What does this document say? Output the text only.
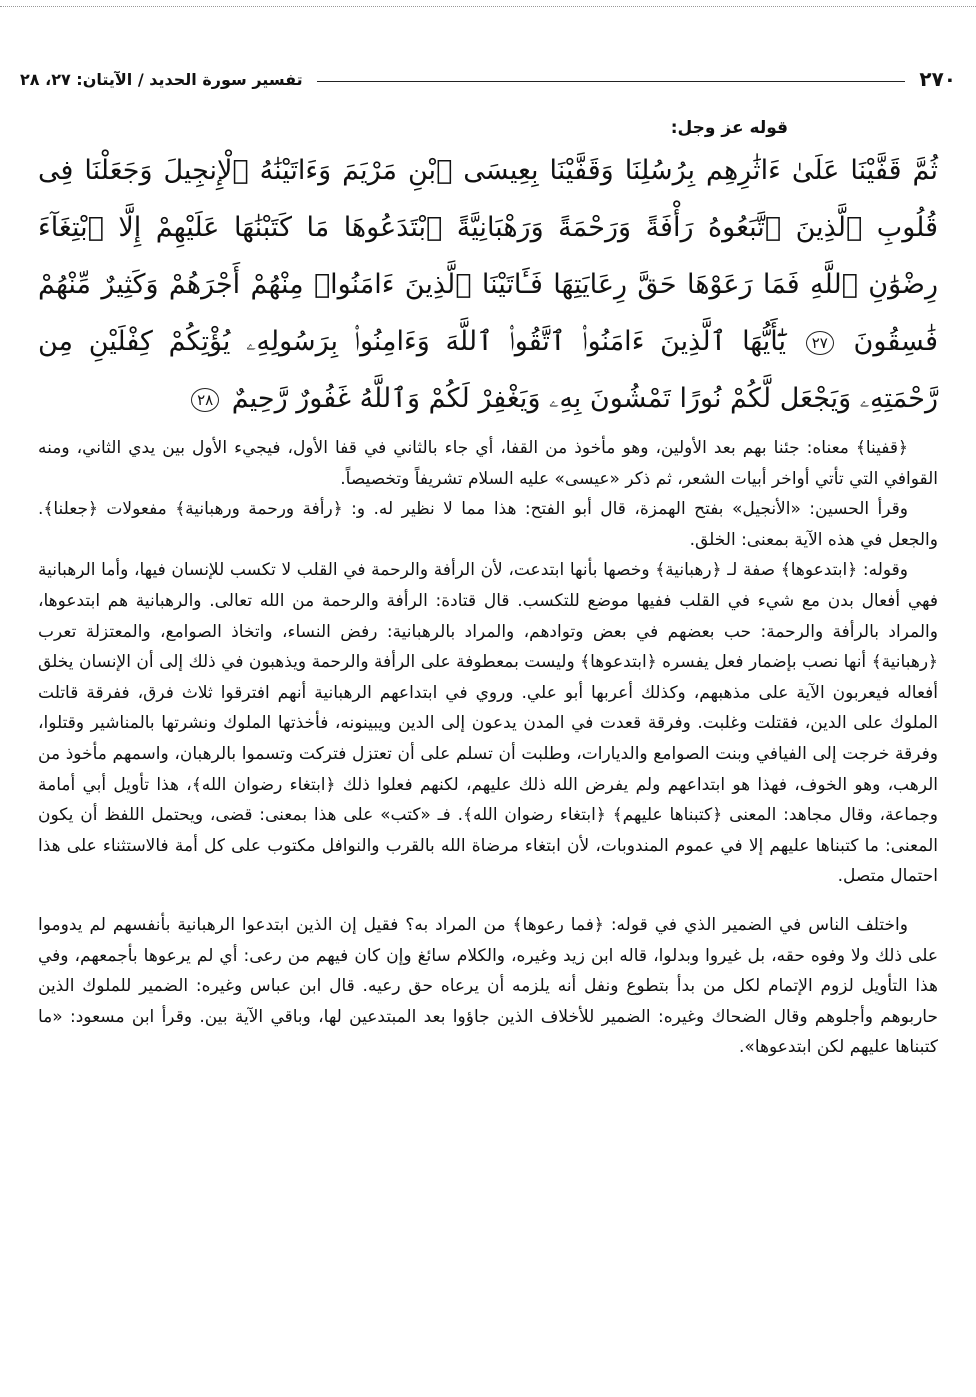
٢٧٠
تفسير سورة الحديد / الآيتان: ٢٧، ٢٨

قوله عز وجل:

ثُمَّ قَفَّيْنَا عَلَىٰ ءَاثَٰرِهِم بِرُسُلِنَا وَقَفَّيْنَا بِعِيسَى ٱبْنِ مَرْيَمَ وَءَاتَيْنَٰهُ ٱلْإِنجِيلَ وَجَعَلْنَا فِى قُلُوبِ ٱلَّذِينَ ٱتَّبَعُوهُ رَأْفَةً وَرَحْمَةً وَرَهْبَانِيَّةً ٱبْتَدَعُوهَا مَا كَتَبْنَٰهَا عَلَيْهِمْ إِلَّا ٱبْتِغَآءَ رِضْوَٰنِ ٱللَّهِ فَمَا رَعَوْهَا حَقَّ رِعَايَتِهَا فَـَٔاتَيْنَا ٱلَّذِينَ ءَامَنُوا۟ مِنْهُمْ أَجْرَهُمْ وَكَثِيرٌ مِّنْهُمْ فَٰسِقُونَ ٢٧ يَٰٓأَيُّهَا ٱلَّذِينَ ءَامَنُوا۟ ٱتَّقُوا۟ ٱللَّهَ وَءَامِنُوا۟ بِرَسُولِهِۦ يُؤْتِكُمْ كِفْلَيْنِ مِن رَّحْمَتِهِۦ وَيَجْعَل لَّكُمْ نُورًا تَمْشُونَ بِهِۦ وَيَغْفِرْ لَكُمْ وَٱللَّهُ غَفُورٌ رَّحِيمٌ ٢٨

﴿قفينا﴾ معناه: جئنا بهم بعد الأولين، وهو مأخوذ من القفا، أي جاء بالثاني في قفا الأول، فيجيء الأول بين يدي الثاني، ومنه القوافي التي تأتي أواخر أبيات الشعر، ثم ذكر «عيسى» عليه السلام تشريفاً وتخصيصاً.

وقرأ الحسين: «الأنجيل» بفتح الهمزة، قال أبو الفتح: هذا مما لا نظير له. و: ﴿رأفة ورحمة ورهبانية﴾ مفعولات ﴿جعلنا﴾. والجعل في هذه الآية بمعنى: الخلق.

وقوله: ﴿ابتدعوها﴾ صفة لـ ﴿رهبانية﴾ وخصها بأنها ابتدعت، لأن الرأفة والرحمة في القلب لا تكسب للإنسان فيها، وأما الرهبانية فهي أفعال بدن مع شيء في القلب ففيها موضع للتكسب. قال قتادة: الرأفة والرحمة من الله تعالى. والرهبانية هم ابتدعوها، والمراد بالرأفة والرحمة: حب بعضهم في بعض وتوادهم، والمراد بالرهبانية: رفض النساء، واتخاذ الصوامع، والمعتزلة تعرب ﴿رهبانية﴾ أنها نصب بإضمار فعل يفسره ﴿ابتدعوها﴾ وليست بمعطوفة على الرأفة والرحمة ويذهبون في ذلك إلى أن الإنسان يخلق أفعاله فيعربون الآية على مذهبهم، وكذلك أعربها أبو علي. وروي في ابتداعهم الرهبانية أنهم افترقوا ثلاث فرق، ففرقة قاتلت الملوك على الدين، فقتلت وغلبت. وفرقة قعدت في المدن يدعون إلى الدين ويبينونه، فأخذتها الملوك ونشرتها بالمناشير وقتلوا، وفرقة خرجت إلى الفيافي وبنت الصوامع والديارات، وطلبت أن تسلم على أن تعتزل فتركت وتسموا بالرهبان، واسمهم مأخوذ من الرهب، وهو الخوف، فهذا هو ابتداعهم ولم يفرض الله ذلك عليهم، لكنهم فعلوا ذلك ﴿ابتغاء رضوان الله﴾، هذا تأويل أبي أمامة وجماعة، وقال مجاهد: المعنى ﴿كتبناها عليهم﴾ ﴿ابتغاء رضوان الله﴾. فـ «كتب» على هذا بمعنى: قضى، ويحتمل اللفظ أن يكون المعنى: ما كتبناها عليهم إلا في عموم المندوبات، لأن ابتغاء مرضاة الله بالقرب والنوافل مكتوب على كل أمة فالاستثناء على هذا احتمال متصل.

واختلف الناس في الضمير الذي في قوله: ﴿فما رعوها﴾ من المراد به؟ فقيل إن الذين ابتدعوا الرهبانية بأنفسهم لم يدوموا على ذلك ولا وفوه حقه، بل غيروا وبدلوا، قاله ابن زيد وغيره، والكلام سائغ وإن كان فيهم من رعى: أي لم يرعوها بأجمعهم، وفي هذا التأويل لزوم الإتمام لكل من بدأ بتطوع ونفل أنه يلزمه أن يرعاه حق رعيه. قال ابن عباس وغيره: الضمير للملوك الذين حاربوهم وأجلوهم وقال الضحاك وغيره: الضمير للأخلاف الذين جاؤوا بعد المبتدعين لها، وباقي الآية بين. وقرأ ابن مسعود: «ما كتبناها عليهم لكن ابتدعوها».
